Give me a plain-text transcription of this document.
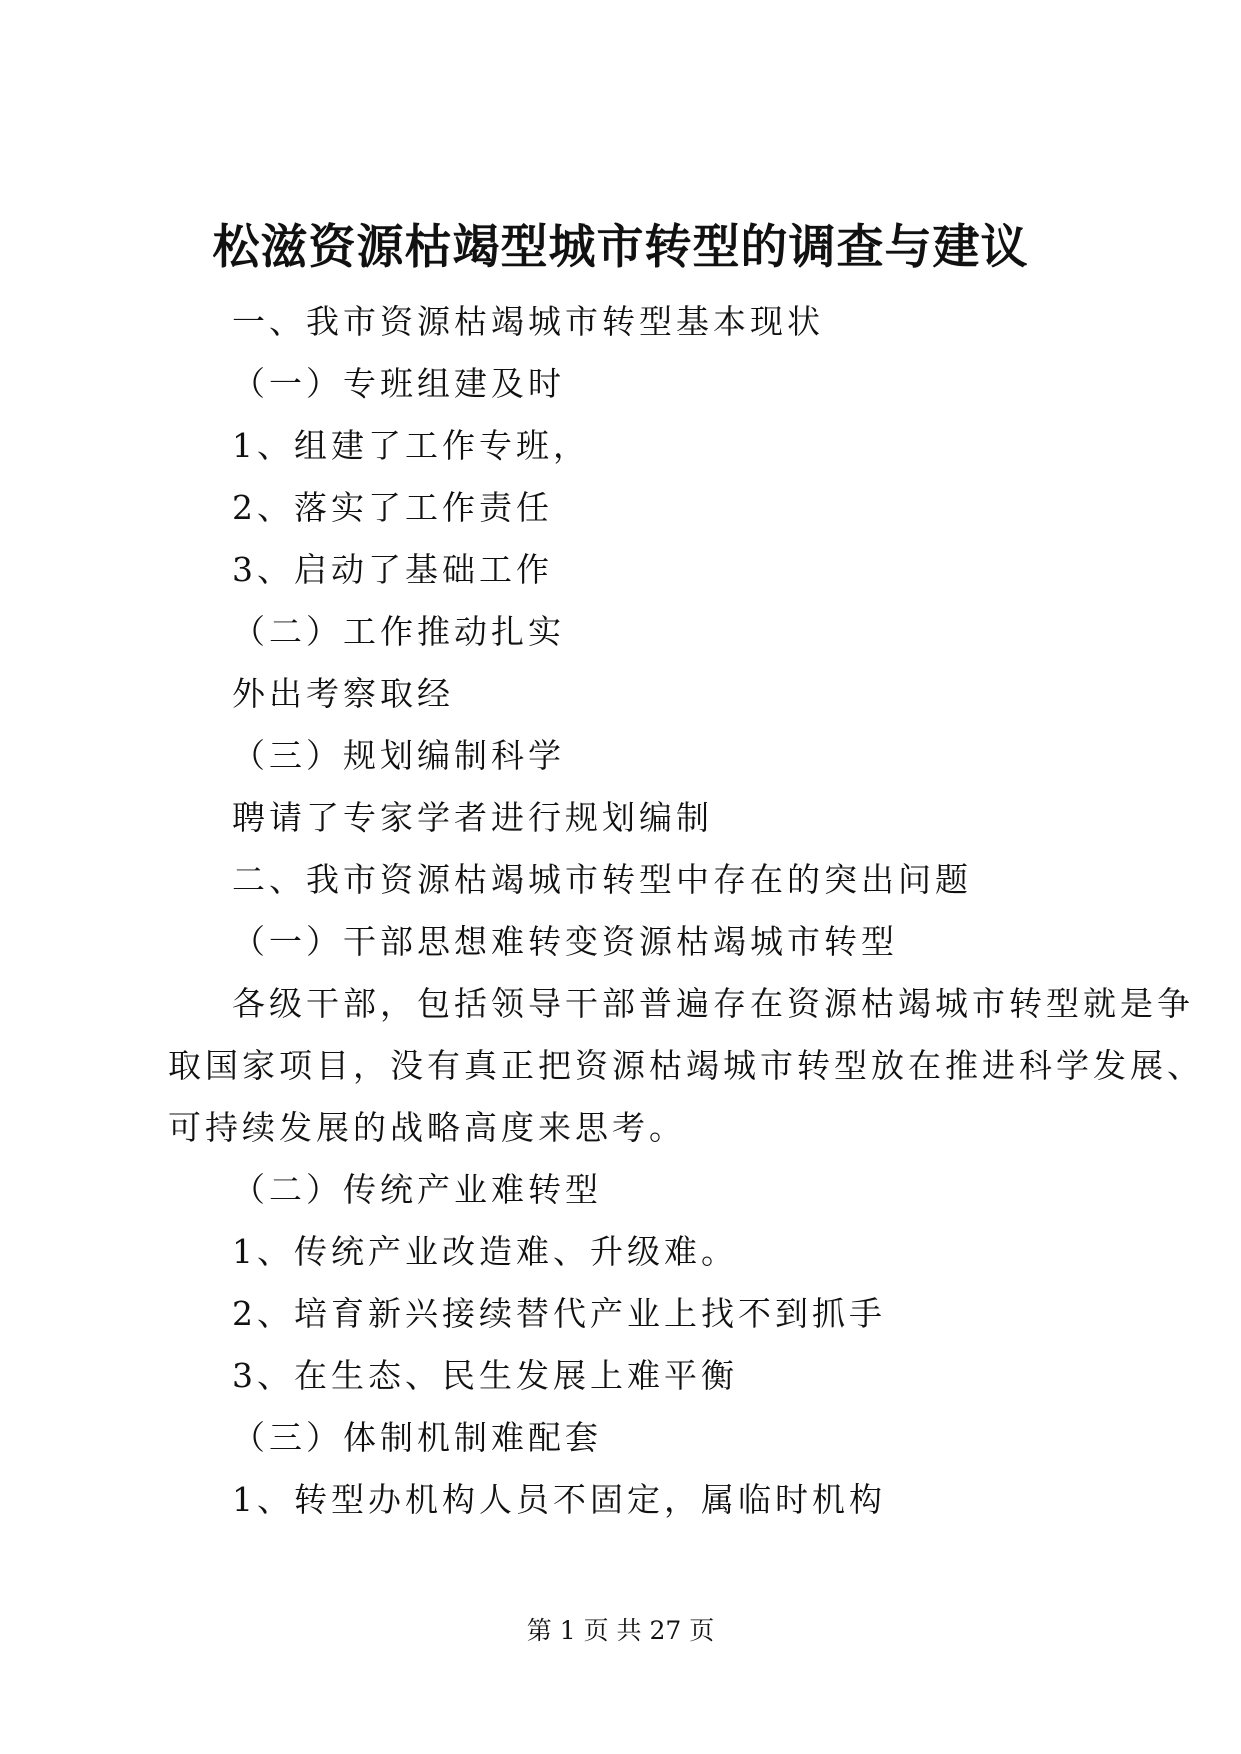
松滋资源枯竭型城市转型的调查与建议
一、我市资源枯竭城市转型基本现状
（一）专班组建及时
1、组建了工作专班，
2、落实了工作责任
3、启动了基础工作
（二）工作推动扎实
外出考察取经
（三）规划编制科学
聘请了专家学者进行规划编制
二、我市资源枯竭城市转型中存在的突出问题
（一）干部思想难转变资源枯竭城市转型
各级干部，包括领导干部普遍存在资源枯竭城市转型就是争
取国家项目，没有真正把资源枯竭城市转型放在推进科学发展、
可持续发展的战略高度来思考。
（二）传统产业难转型
1、传统产业改造难、升级难。
2、培育新兴接续替代产业上找不到抓手
3、在生态、民生发展上难平衡
（三）体制机制难配套
1、转型办机构人员不固定，属临时机构
第 1 页 共 27 页
